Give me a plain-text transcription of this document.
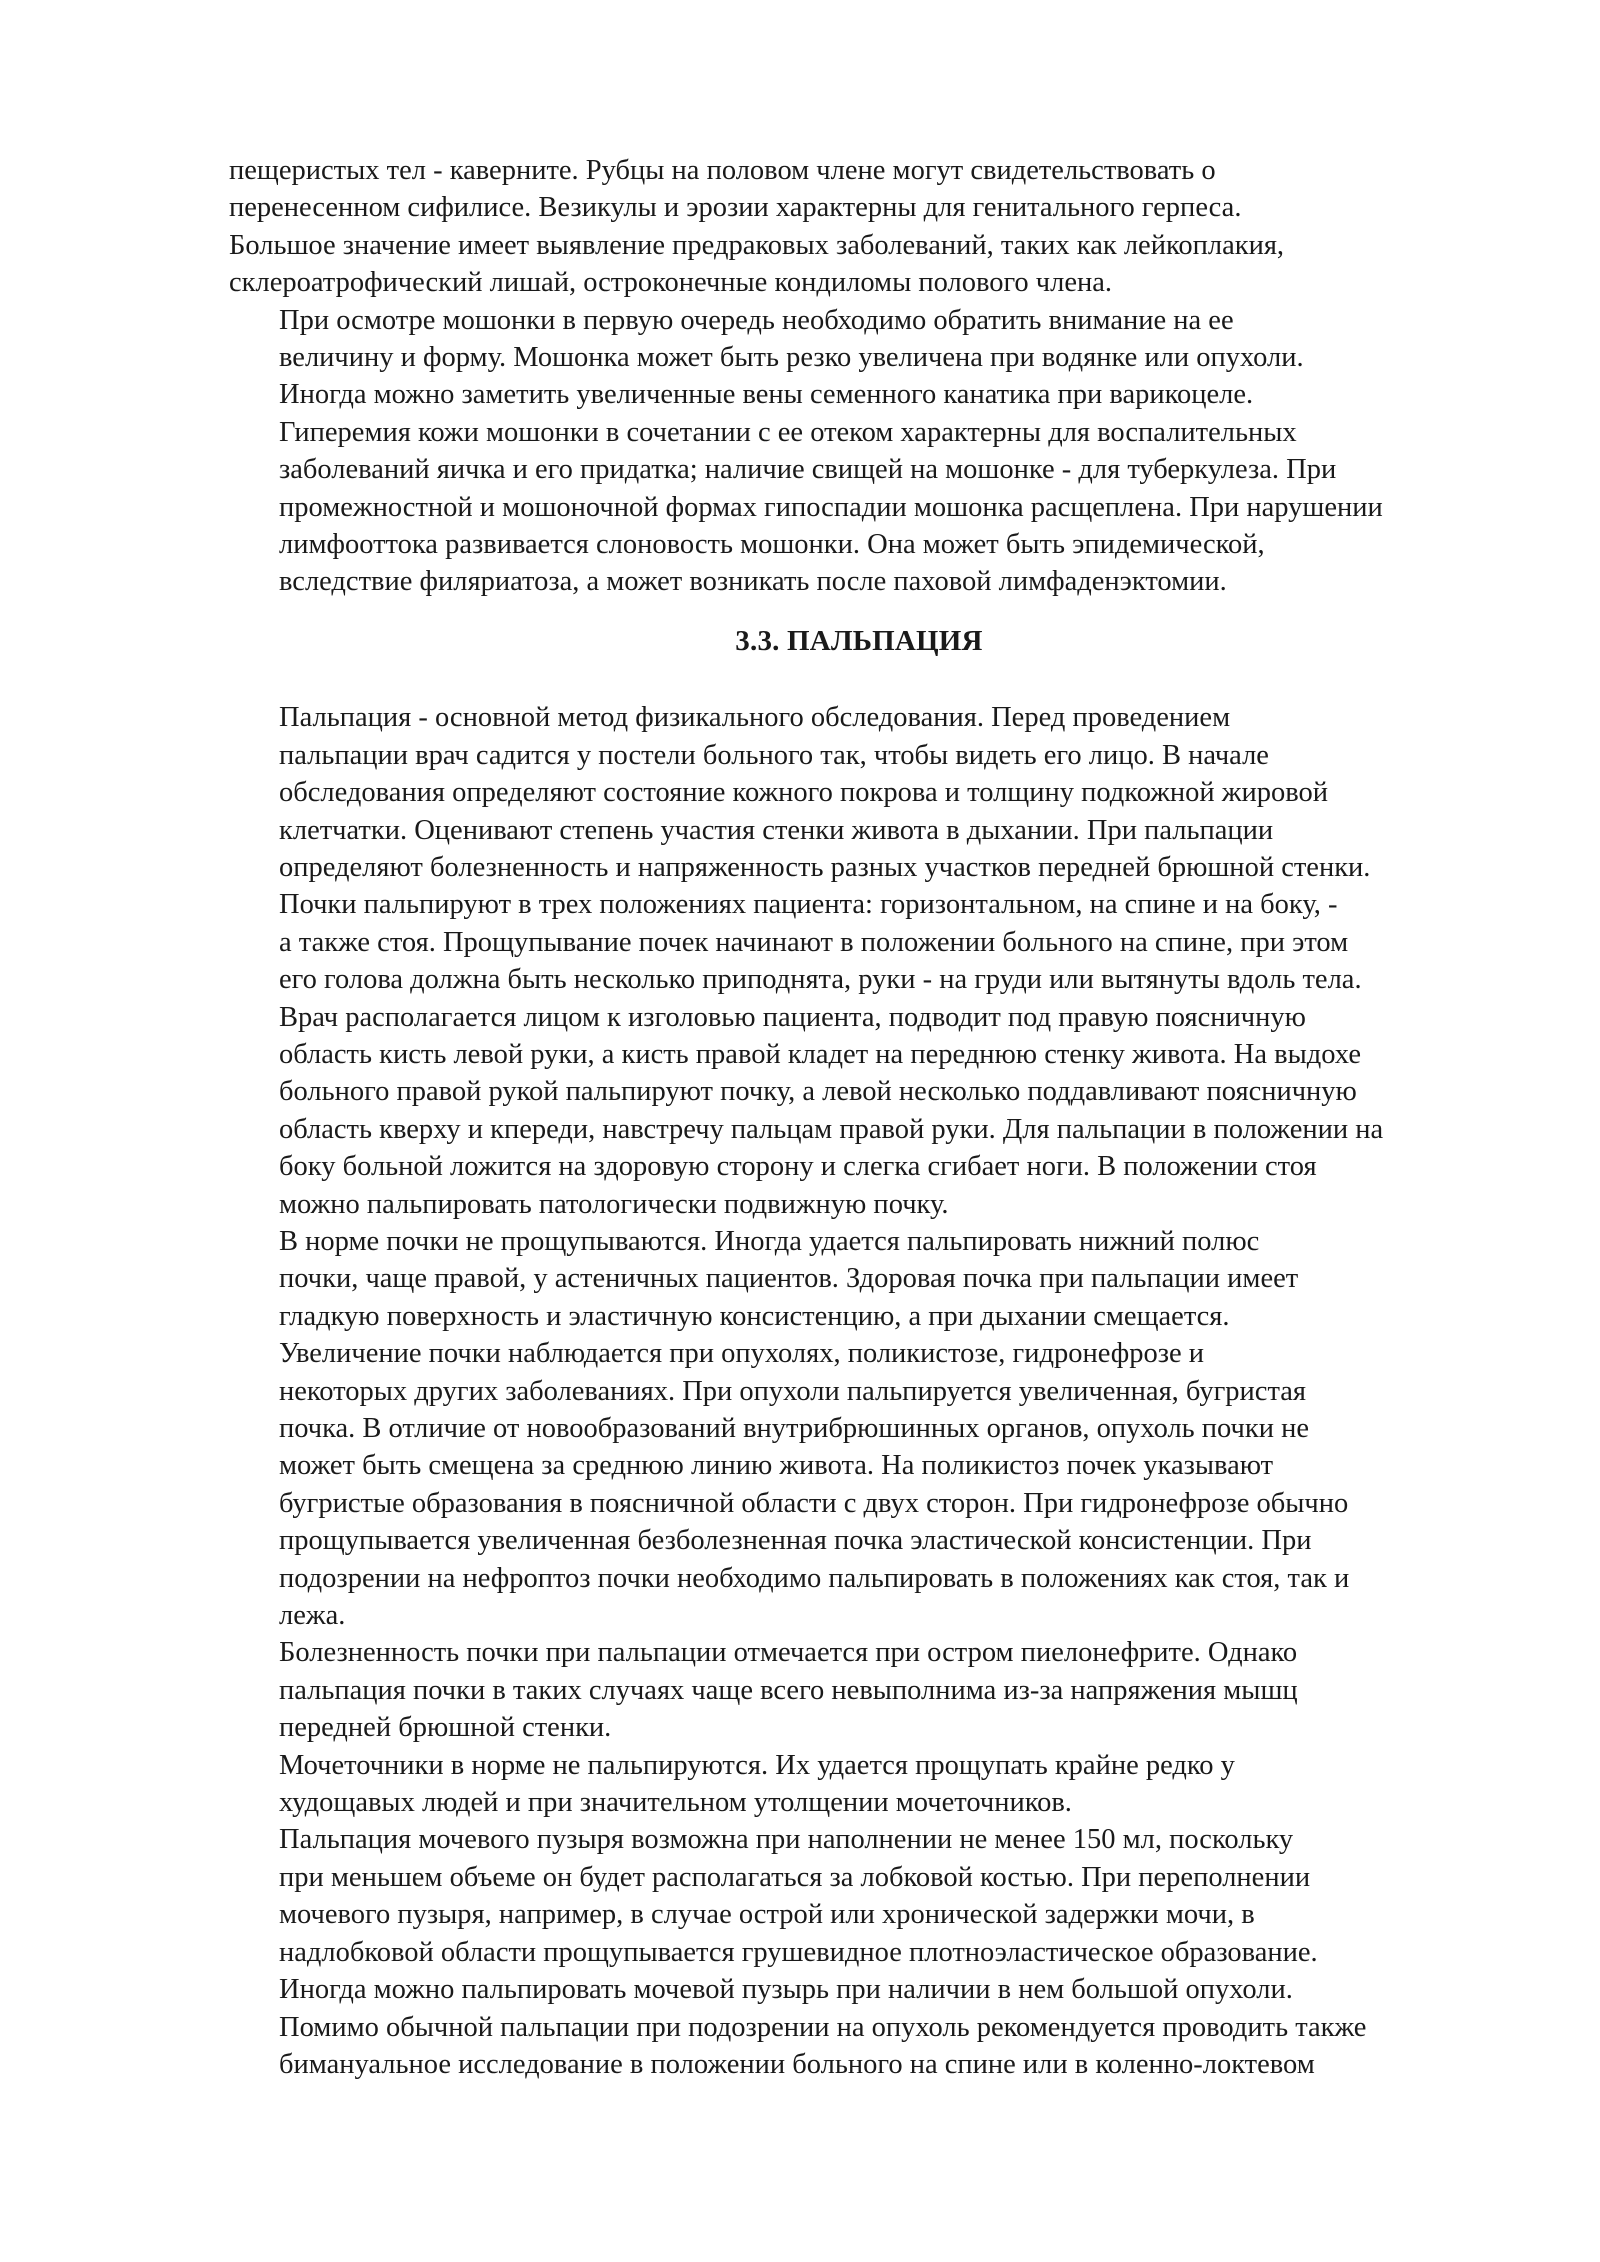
пещеристых тел - каверните. Рубцы на половом члене могут свидетельствовать о
перенесенном сифилисе. Везикулы и эрозии характерны для генитального герпеса.
Большое значение имеет выявление предраковых заболеваний, таких как лейкоплакия,
склероатрофический лишай, остроконечные кондиломы полового члена.

При осмотре мошонки в первую очередь необходимо обратить внимание на ее
величину и форму. Мошонка может быть резко увеличена при водянке или опухоли.
Иногда можно заметить увеличенные вены семенного канатика при варикоцеле.
Гиперемия кожи мошонки в сочетании с ее отеком характерны для воспалительных
заболеваний яичка и его придатка; наличие свищей на мошонке - для туберкулеза. При
промежностной и мошоночной формах гипоспадии мошонка расщеплена. При нарушении
лимфооттока развивается слоновость мошонки. Она может быть эпидемической,
вследствие филяриатоза, а может возникать после паховой лимфаденэктомии.

3.3. ПАЛЬПАЦИЯ

Пальпация - основной метод физикального обследования. Перед проведением
пальпации врач садится у постели больного так, чтобы видеть его лицо. В начале
обследования определяют состояние кожного покрова и толщину подкожной жировой
клетчатки. Оценивают степень участия стенки живота в дыхании. При пальпации
определяют болезненность и напряженность разных участков передней брюшной стенки.

Почки пальпируют в трех положениях пациента: горизонтальном, на спине и на боку, -
а также стоя. Прощупывание почек начинают в положении больного на спине, при этом
его голова должна быть несколько приподнята, руки - на груди или вытянуты вдоль тела.
Врач располагается лицом к изголовью пациента, подводит под правую поясничную
область кисть левой руки, а кисть правой кладет на переднюю стенку живота. На выдохе
больного правой рукой пальпируют почку, а левой несколько поддавливают поясничную
область кверху и кпереди, навстречу пальцам правой руки. Для пальпации в положении на
боку больной ложится на здоровую сторону и слегка сгибает ноги. В положении стоя
можно пальпировать патологически подвижную почку.

В норме почки не прощупываются. Иногда удается пальпировать нижний полюс
почки, чаще правой, у астеничных пациентов. Здоровая почка при пальпации имеет
гладкую поверхность и эластичную консистенцию, а при дыхании смещается.

Увеличение почки наблюдается при опухолях, поликистозе, гидронефрозе и
некоторых других заболеваниях. При опухоли пальпируется увеличенная, бугристая
почка. В отличие от новообразований внутрибрюшинных органов, опухоль почки не
может быть смещена за среднюю линию живота. На поликистоз почек указывают
бугристые образования в поясничной области с двух сторон. При гидронефрозе обычно
прощупывается увеличенная безболезненная почка эластической консистенции. При
подозрении на нефроптоз почки необходимо пальпировать в положениях как стоя, так и
лежа.

Болезненность почки при пальпации отмечается при остром пиелонефрите. Однако
пальпация почки в таких случаях чаще всего невыполнима из-за напряжения мышц
передней брюшной стенки.

Мочеточники в норме не пальпируются. Их удается прощупать крайне редко у
худощавых людей и при значительном утолщении мочеточников.

Пальпация мочевого пузыря возможна при наполнении не менее 150 мл, поскольку
при меньшем объеме он будет располагаться за лобковой костью. При переполнении
мочевого пузыря, например, в случае острой или хронической задержки мочи, в
надлобковой области прощупывается грушевидное плотноэластическое образование.
Иногда можно пальпировать мочевой пузырь при наличии в нем большой опухоли.
Помимо обычной пальпации при подозрении на опухоль рекомендуется проводить также
бимануальное исследование в положении больного на спине или в коленно-локтевом
